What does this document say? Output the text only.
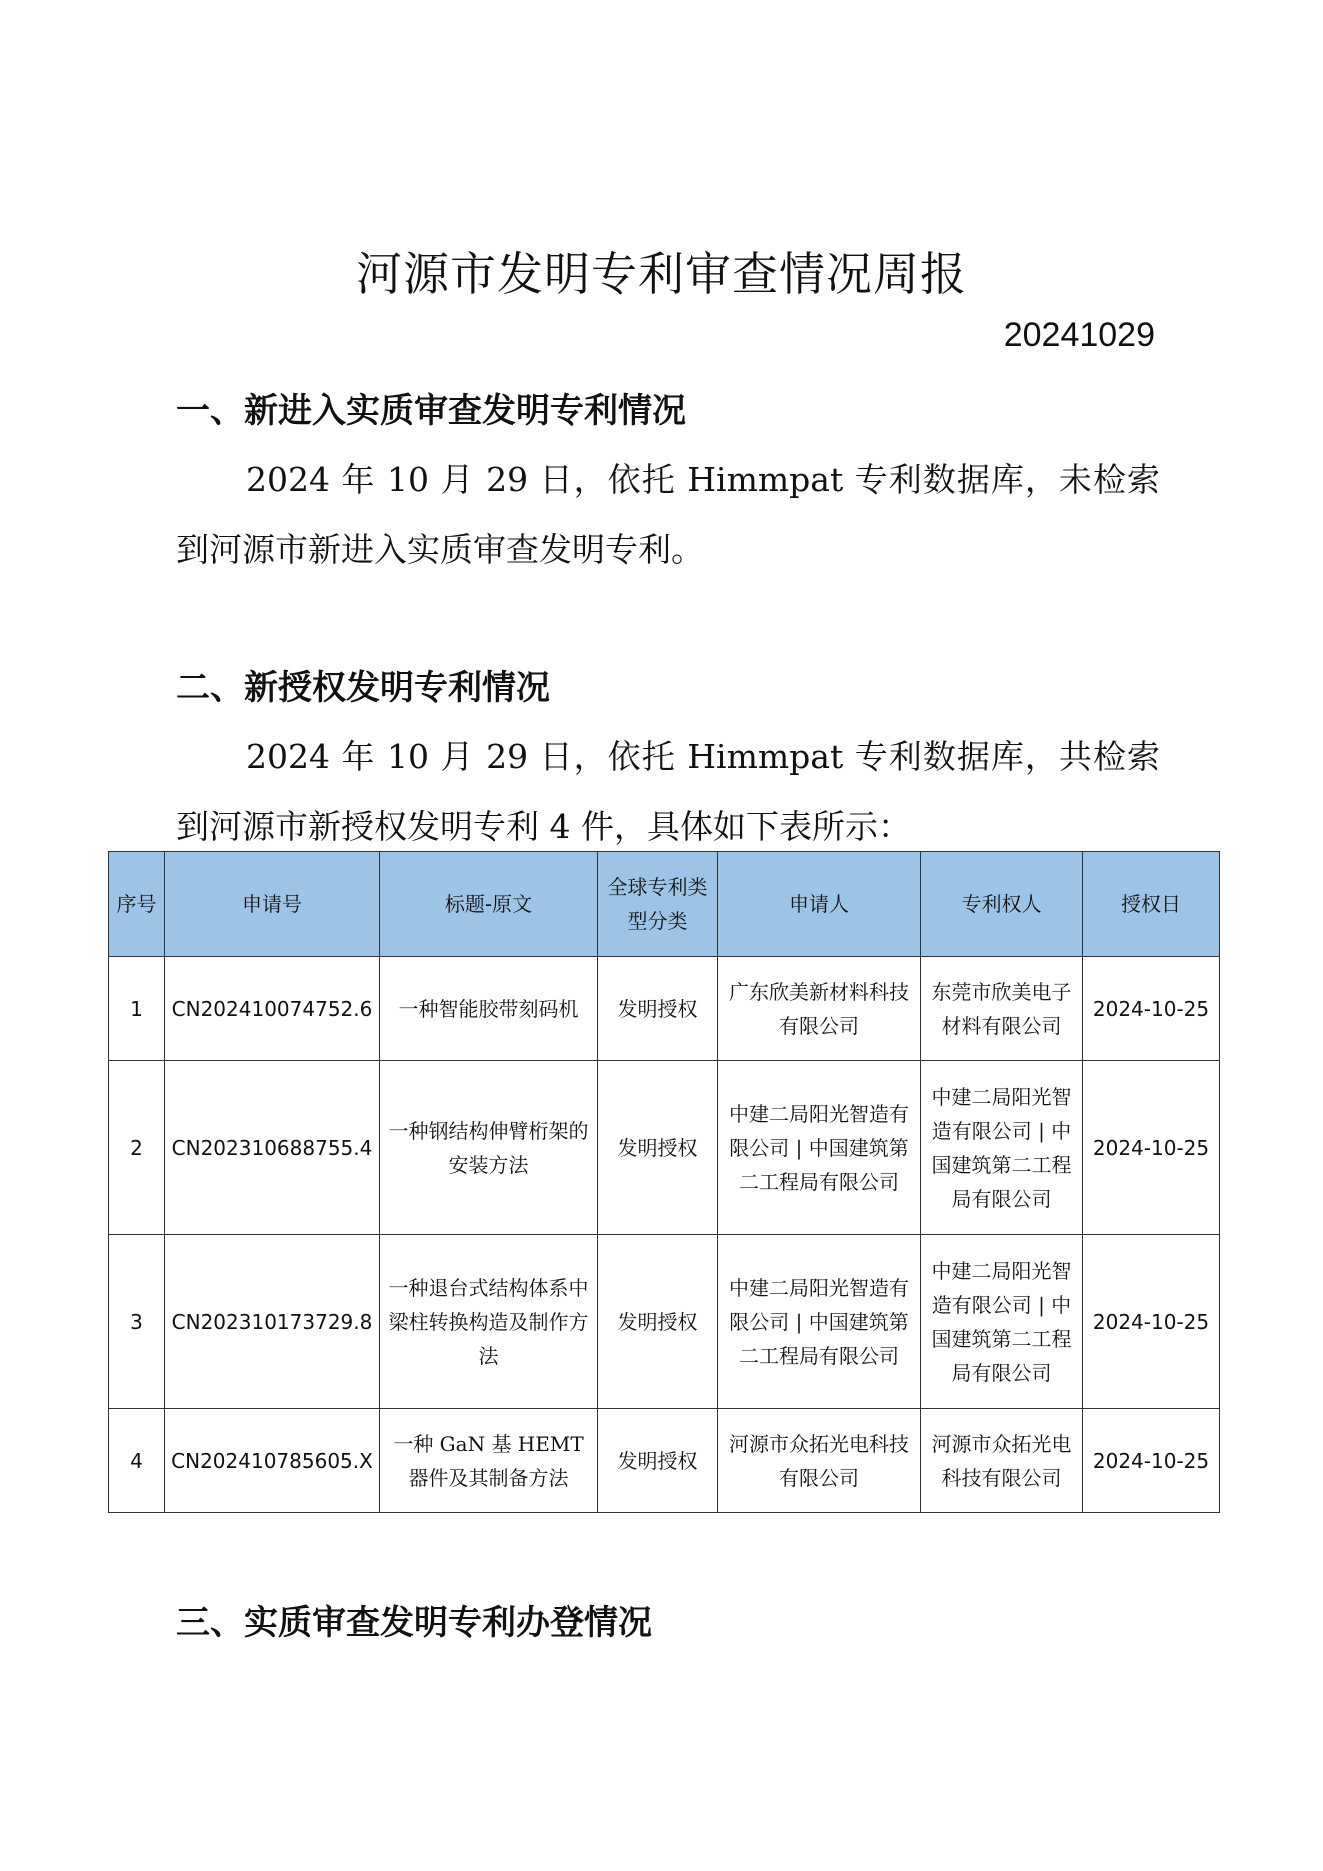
河源市发明专利审查情况周报
20241029
一、新进入实质审查发明专利情况
2024 年 10 月 29 日，依托 Himmpat 专利数据库，未检索到河源市新进入实质审查发明专利。
二、新授权发明专利情况
2024 年 10 月 29 日，依托 Himmpat 专利数据库，共检索到河源市新授权发明专利 4 件，具体如下表所示：
序号	申请号	标题-原文	全球专利类型分类	申请人	专利权人	授权日
1	CN202410074752.6	一种智能胶带刻码机	发明授权	广东欣美新材料科技有限公司	东莞市欣美电子材料有限公司	2024-10-25
2	CN202310688755.4	一种钢结构伸臂桁架的安装方法	发明授权	中建二局阳光智造有限公司 | 中国建筑第二工程局有限公司	中建二局阳光智造有限公司 | 中国建筑第二工程局有限公司	2024-10-25
3	CN202310173729.8	一种退台式结构体系中梁柱转换构造及制作方法	发明授权	中建二局阳光智造有限公司 | 中国建筑第二工程局有限公司	中建二局阳光智造有限公司 | 中国建筑第二工程局有限公司	2024-10-25
4	CN202410785605.X	一种 GaN 基 HEMT 器件及其制备方法	发明授权	河源市众拓光电科技有限公司	河源市众拓光电科技有限公司	2024-10-25
三、实质审查发明专利办登情况
